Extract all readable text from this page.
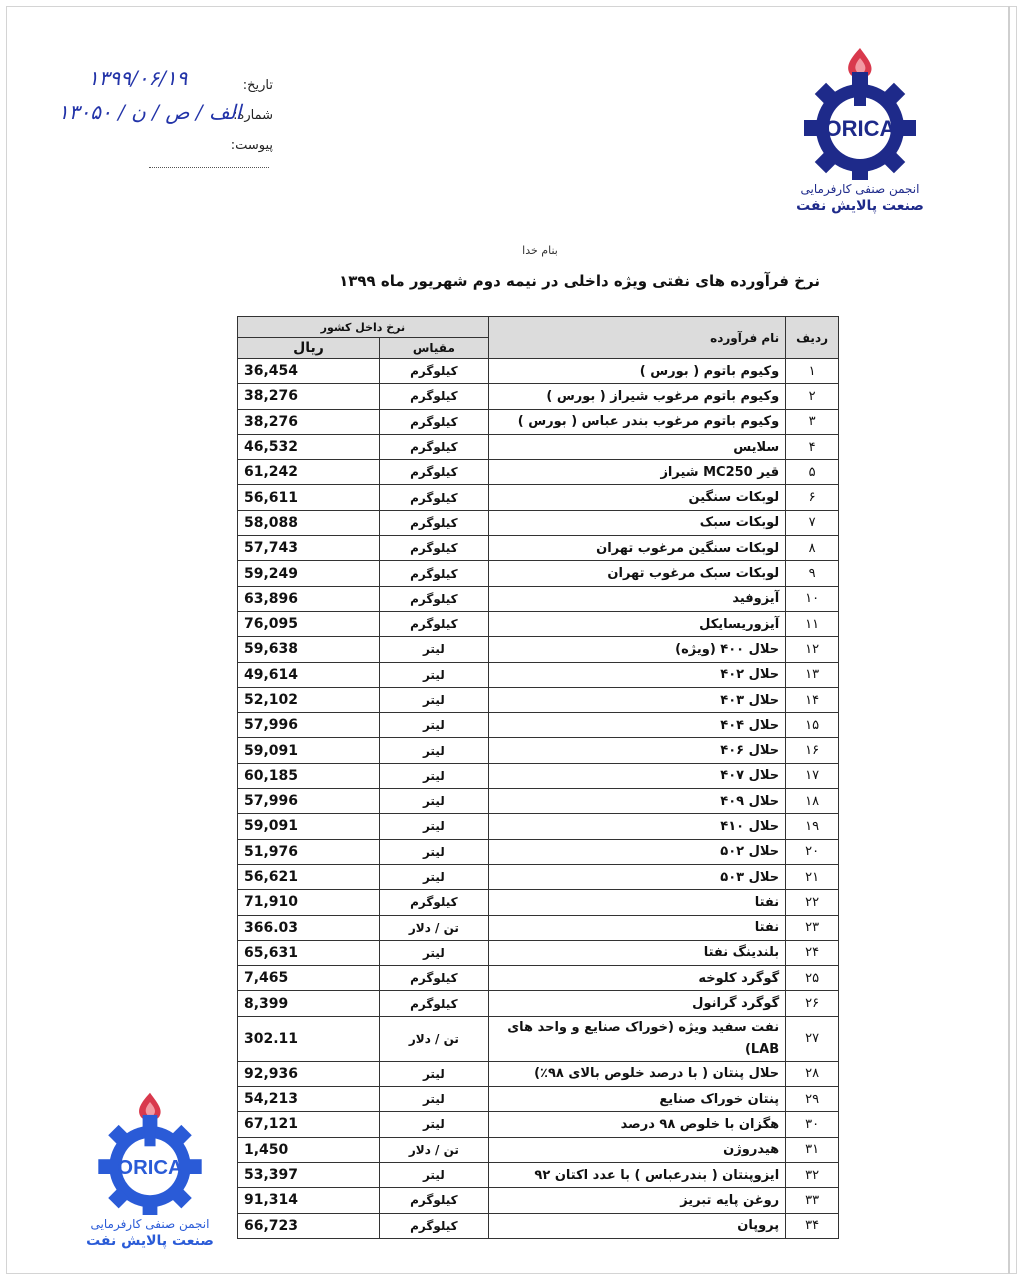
ORICA
انجمن صنفی کارفرمایی
صنعت پالایش نفت
تاریخ:
۱۳۹۹/۰۶/۱۹
شماره:
۱۳۰۵۰ / الف / ص / ن
پیوست:
بنام خدا
نرخ فرآورده های نفتی ویژه داخلی در نیمه دوم شهریور ماه ۱۳۹۹
ردیف	نام فرآورده	نرخ داخل کشور	
		مقیاس	ریال
۱	وکیوم باتوم ( بورس )	کیلوگرم	36,454
۲	وکیوم باتوم مرغوب شیراز ( بورس )	کیلوگرم	38,276
۳	وکیوم باتوم مرغوب بندر عباس ( بورس )	کیلوگرم	38,276
۴	سلایس	کیلوگرم	46,532
۵	قیر MC250 شیراز	کیلوگرم	61,242
۶	لوبکات سنگین	کیلوگرم	56,611
۷	لوبکات سبک	کیلوگرم	58,088
۸	لوبکات سنگین مرغوب تهران	کیلوگرم	57,743
۹	لوبکات سبک مرغوب تهران	کیلوگرم	59,249
۱۰	آیزوفید	کیلوگرم	63,896
۱۱	آیزوریسایکل	کیلوگرم	76,095
۱۲	حلال ۴۰۰ (ویژه)	لیتر	59,638
۱۳	حلال ۴۰۲	لیتر	49,614
۱۴	حلال ۴۰۳	لیتر	52,102
۱۵	حلال ۴۰۴	لیتر	57,996
۱۶	حلال ۴۰۶	لیتر	59,091
۱۷	حلال ۴۰۷	لیتر	60,185
۱۸	حلال ۴۰۹	لیتر	57,996
۱۹	حلال ۴۱۰	لیتر	59,091
۲۰	حلال ۵۰۲	لیتر	51,976
۲۱	حلال ۵۰۳	لیتر	56,621
۲۲	نفتا	کیلوگرم	71,910
۲۳	نفتا	تن / دلار	366.03
۲۴	بلندینگ نفتا	لیتر	65,631
۲۵	گوگرد کلوخه	کیلوگرم	7,465
۲۶	گوگرد گرانول	کیلوگرم	8,399
۲۷	نفت سفید ویژه (خوراک صنایع و واحد های LAB)	تن / دلار	302.11
۲۸	حلال پنتان ( با درصد خلوص بالای ۹۸٪)	لیتر	92,936
۲۹	پنتان خوراک صنایع	لیتر	54,213
۳۰	هگزان با خلوص ۹۸ درصد	لیتر	67,121
۳۱	هیدروژن	تن / دلار	1,450
۳۲	ایزوپنتان ( بندرعباس ) با عدد اکتان ۹۲	لیتر	53,397
۳۳	روغن پایه تبریز	کیلوگرم	91,314
۳۴	پروپان	کیلوگرم	66,723
ORICA
انجمن صنفی کارفرمایی
صنعت پالایش نفت
